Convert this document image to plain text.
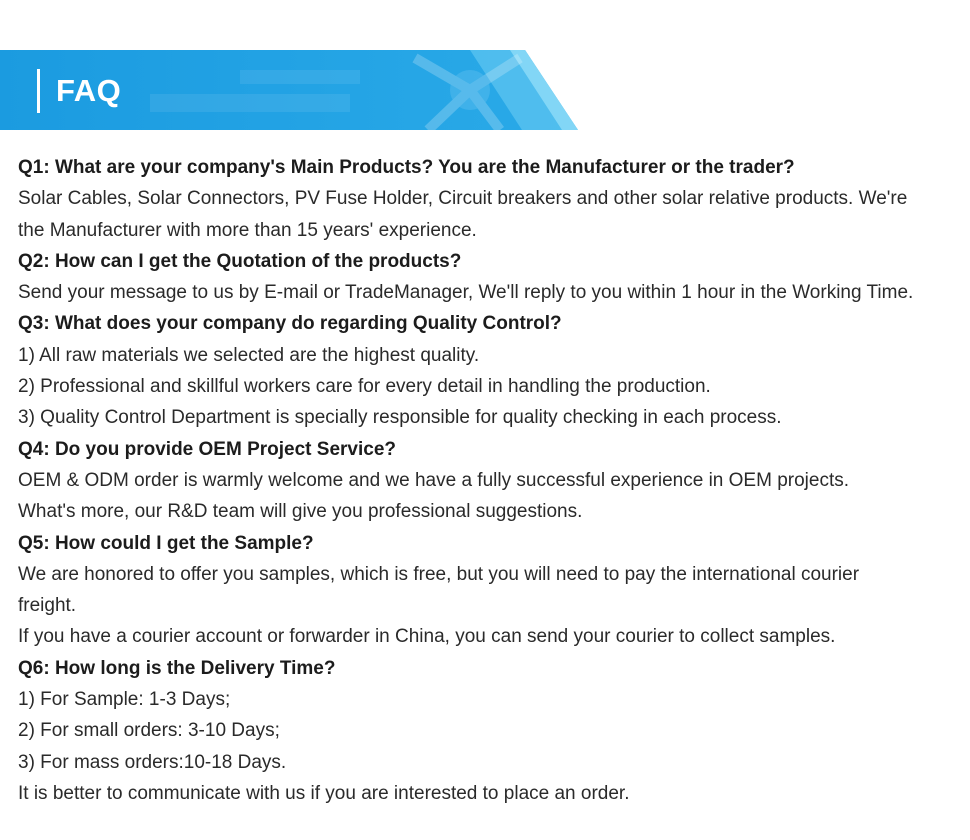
FAQ
Q1: What are your company's Main Products? You are the Manufacturer or the trader?
Solar Cables, Solar Connectors, PV Fuse Holder, Circuit breakers and other solar relative products. We're
the Manufacturer with more than 15 years' experience.
Q2: How can I get the Quotation of the products?
Send your message to us by E-mail or TradeManager, We'll reply to you within 1 hour in the Working Time.
Q3: What does your company do regarding Quality Control?
1) All raw materials we selected are the highest quality.
2) Professional and skillful workers care for every detail in handling the production.
3) Quality Control Department is specially responsible for quality checking in each process.
Q4: Do you provide OEM Project Service?
OEM & ODM order is warmly welcome and we have a fully successful experience in OEM projects.
What's more, our R&D team will give you professional suggestions.
Q5: How could I get the Sample?
We are honored to offer you samples, which is free, but you will need to pay the international courier
freight.
If you have a courier account or forwarder in China, you can send your courier to collect samples.
Q6: How long is the Delivery Time?
1) For Sample: 1-3 Days;
2) For small orders: 3-10 Days;
3) For mass orders:10-18 Days.
It is better to communicate with us if you are interested to place an order.
